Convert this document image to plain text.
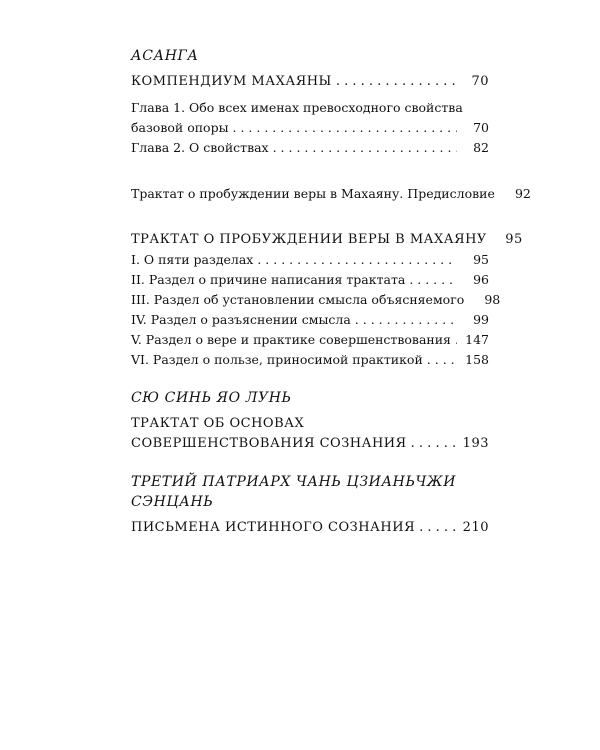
АСАНГА
КОМПЕНДИУМ МАХАЯНЫ . . .	70
Глава 1. Обо всех именах превосходного свойства
базовой опоры . . .	70
Глава 2. О свойствах . . .	82
Трактат о пробуждении веры в Махаяну. Предисловие	92
ТРАКТАТ О ПРОБУЖДЕНИИ ВЕРЫ В МАХАЯНУ	95
I. О пяти разделах . . .	95
II. Раздел о причине написания трактата . . .	96
III. Раздел об установлении смысла объясняемого	98
IV. Раздел о разъяснении смысла . . .	99
V. Раздел о вере и практике совершенствования . . .	147
VI. Раздел о пользе, приносимой практикой . . .	158
СЮ СИНЬ ЯО ЛУНЬ
ТРАКТАТ ОБ ОСНОВАХ
СОВЕРШЕНСТВОВАНИЯ СОЗНАНИЯ . . .	193
ТРЕТИЙ ПАТРИАРХ ЧАНЬ ЦЗИАНЬЧЖИ СЭНЦАНЬ
ПИСЬМЕНА ИСТИННОГО СОЗНАНИЯ . . .	210
